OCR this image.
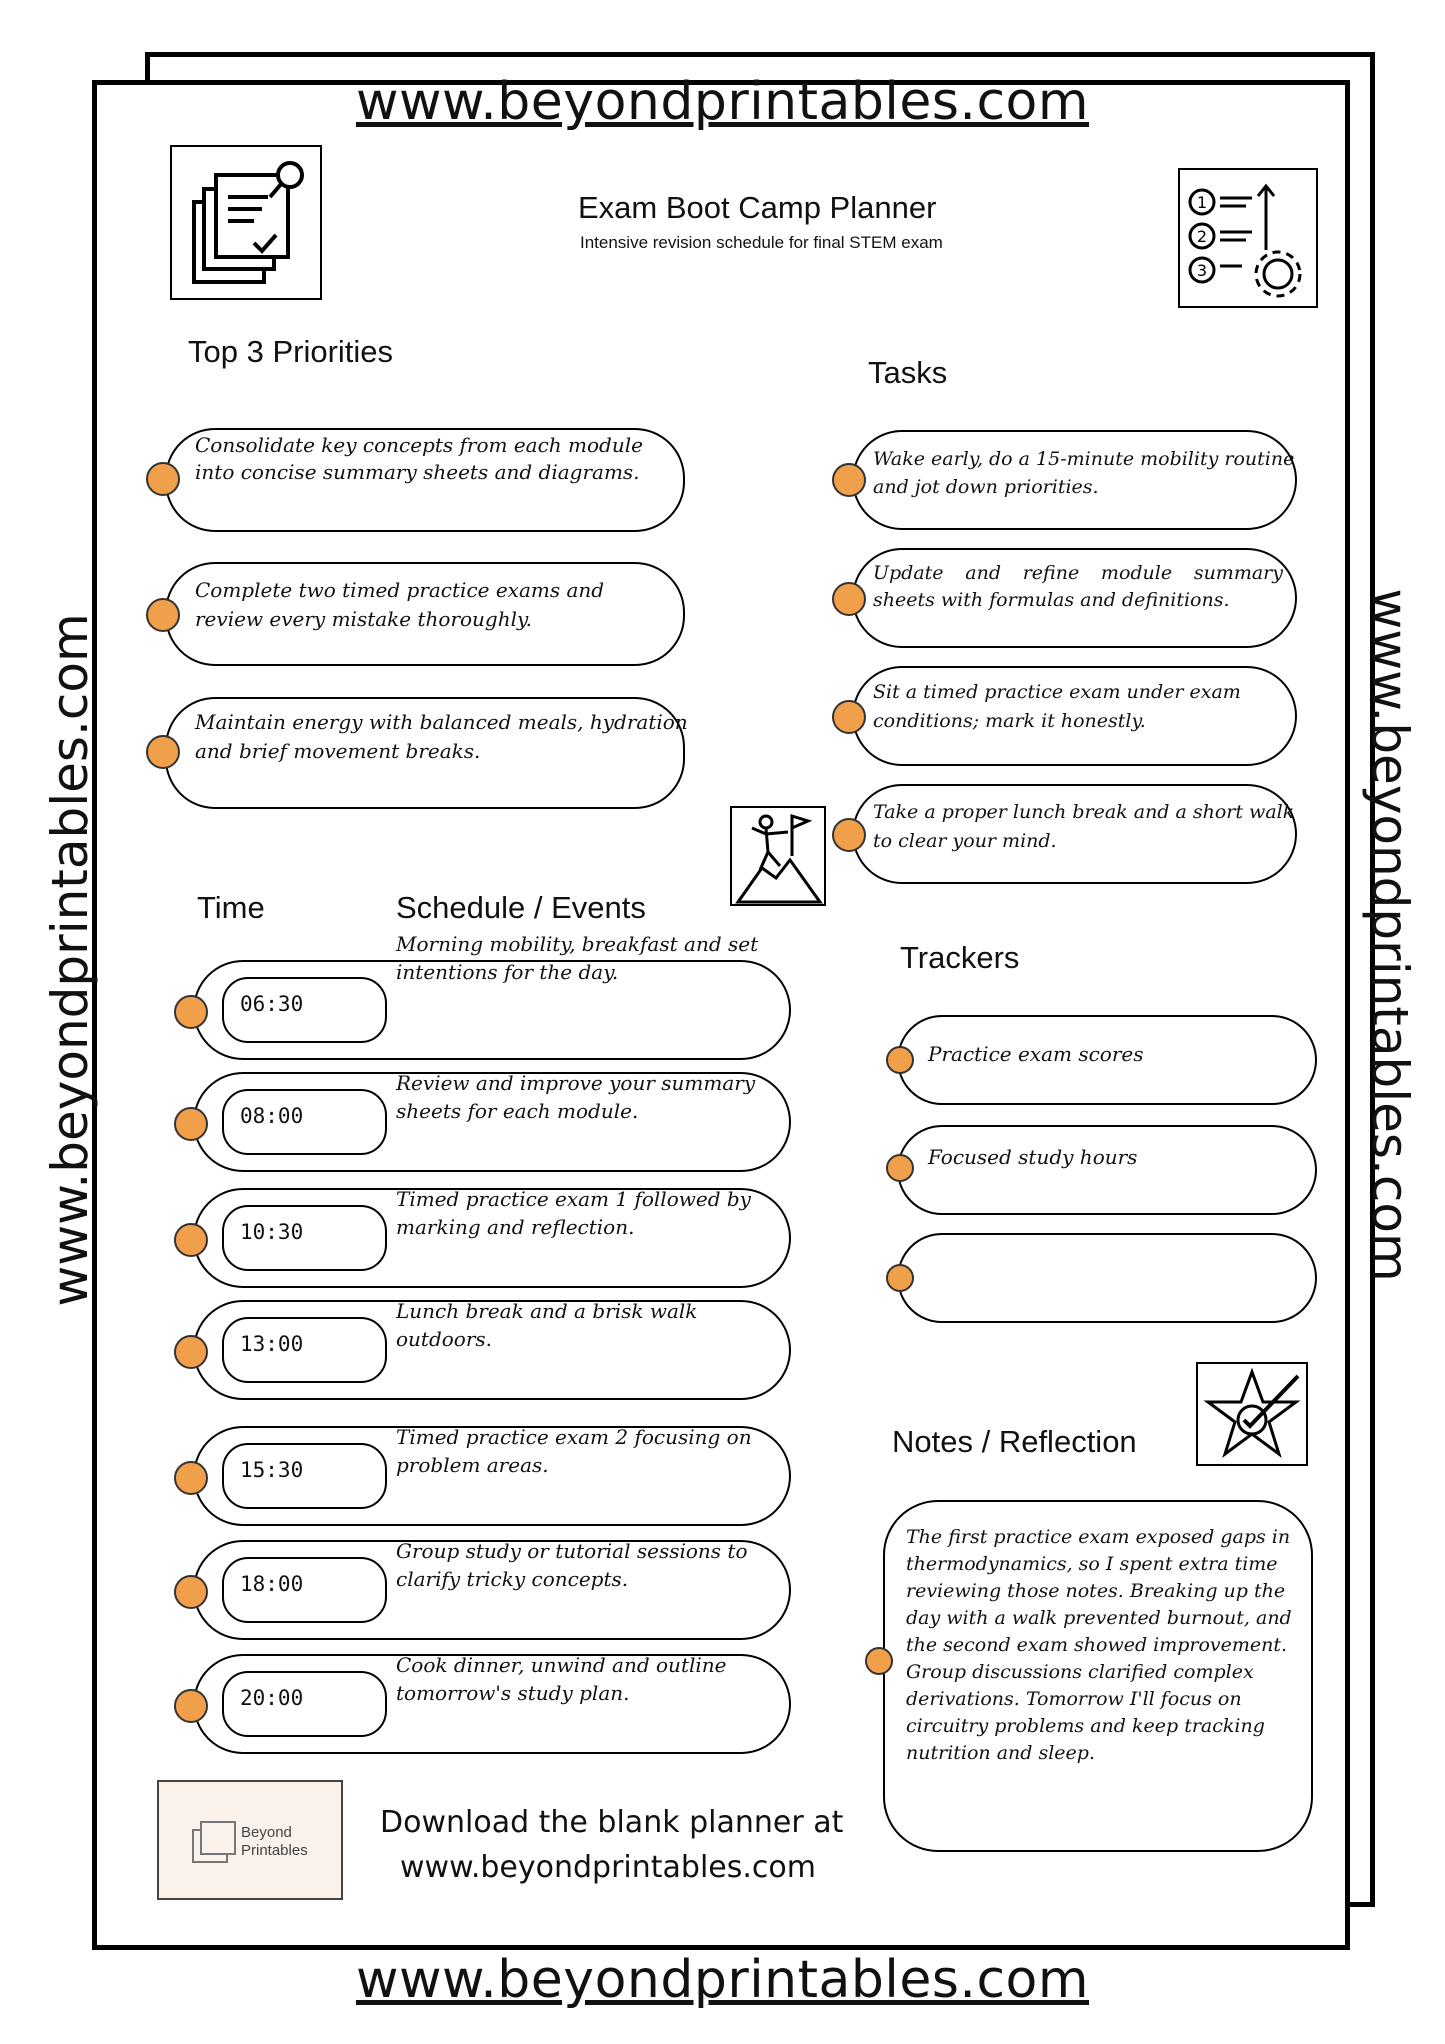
www.beyondprintables.com
www.beyondprintables.com
www.beyondprintables.com	www.beyondprintables.com
1
2
3
Exam Boot Camp Planner
Intensive revision schedule for final STEM exam
Top 3 Priorities
Consolidate key concepts from each module into concise summary sheets and diagrams.
Complete two timed practice exams and review every mistake thoroughly.
Maintain energy with balanced meals, hydration and brief movement breaks.
Tasks
Wake early, do a 15-minute mobility routine and jot down priorities.
Update and refine module summary sheets with formulas and definitions.
Sit a timed practice exam under exam conditions; mark it honestly.
Take a proper lunch break and a short walk to clear your mind.
Time	Schedule / Events
06:30
Morning mobility, breakfast and set intentions for the day.
08:00
Review and improve your summary sheets for each module.
10:30
Timed practice exam 1 followed by marking and reflection.
13:00
Lunch break and a brisk walk outdoors.
15:30
Timed practice exam 2 focusing on problem areas.
18:00
Group study or tutorial sessions to clarify tricky concepts.
20:00
Cook dinner, unwind and outline tomorrow's study plan.
Trackers
Practice exam scores
Focused study hours
Notes / Reflection
The first practice exam exposed gaps in thermodynamics, so I spent extra time reviewing those notes. Breaking up the day with a walk prevented burnout, and the second exam showed improvement. Group discussions clarified complex derivations. Tomorrow I'll focus on circuitry problems and keep tracking nutrition and sleep.
Beyond
Printables
Download the blank planner at
www.beyondprintables.com
